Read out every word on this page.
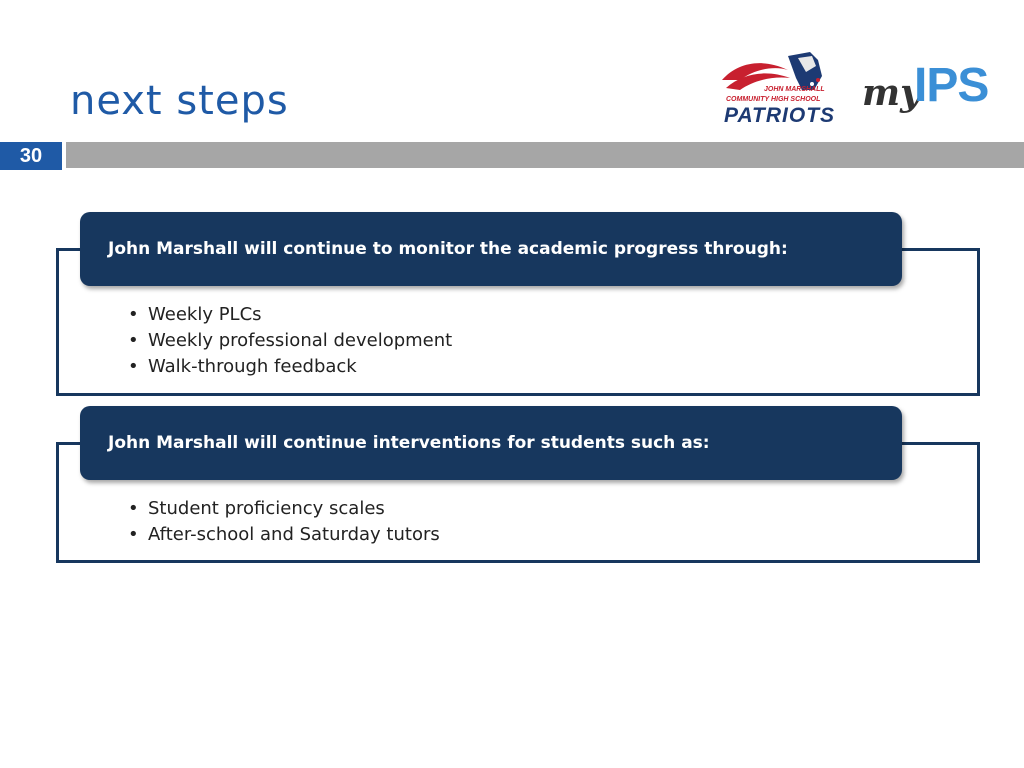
next steps
30
JOHN MARSHALL
COMMUNITY HIGH SCHOOL
PATRIOTS
my
IPS
John Marshall will continue to monitor the academic progress through:
• Weekly PLCs
• Weekly professional development
• Walk-through feedback
John Marshall will continue interventions for students such as:
• Student proficiency scales
• After-school and Saturday tutors
